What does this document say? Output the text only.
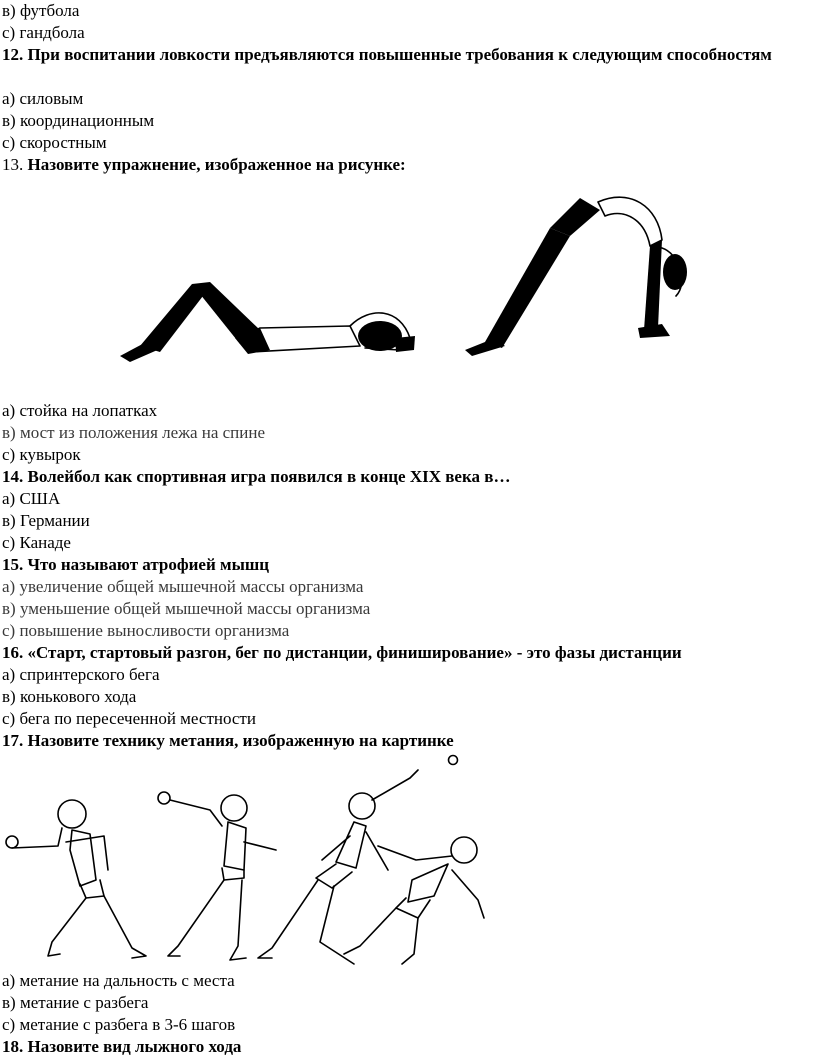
в) футбола
с) гандбола
12. При воспитании ловкости предъявляются повышенные требования к следующим способностям
а) силовым
в) координационным
с) скоростным
13. Назовите упражнение, изображенное на рисунке:
а) стойка на лопатках
в) мост из положения лежа на спине
с) кувырок
14. Волейбол как спортивная игра появился в конце XIX века в…
а) США
в) Германии
с) Канаде
15. Что называют атрофией мышц
а) увеличение общей мышечной массы организма
в) уменьшение общей мышечной массы организма
с) повышение выносливости организма
16. «Старт, стартовый разгон, бег по дистанции, финиширование» - это фазы дистанции
а) спринтерского бега
в) конькового хода
с) бега по пересеченной местности
17. Назовите технику метания, изображенную на картинке
а) метание на дальность с места
в) метание с разбега
с) метание с разбега в 3-6 шагов
18. Назовите вид лыжного хода
